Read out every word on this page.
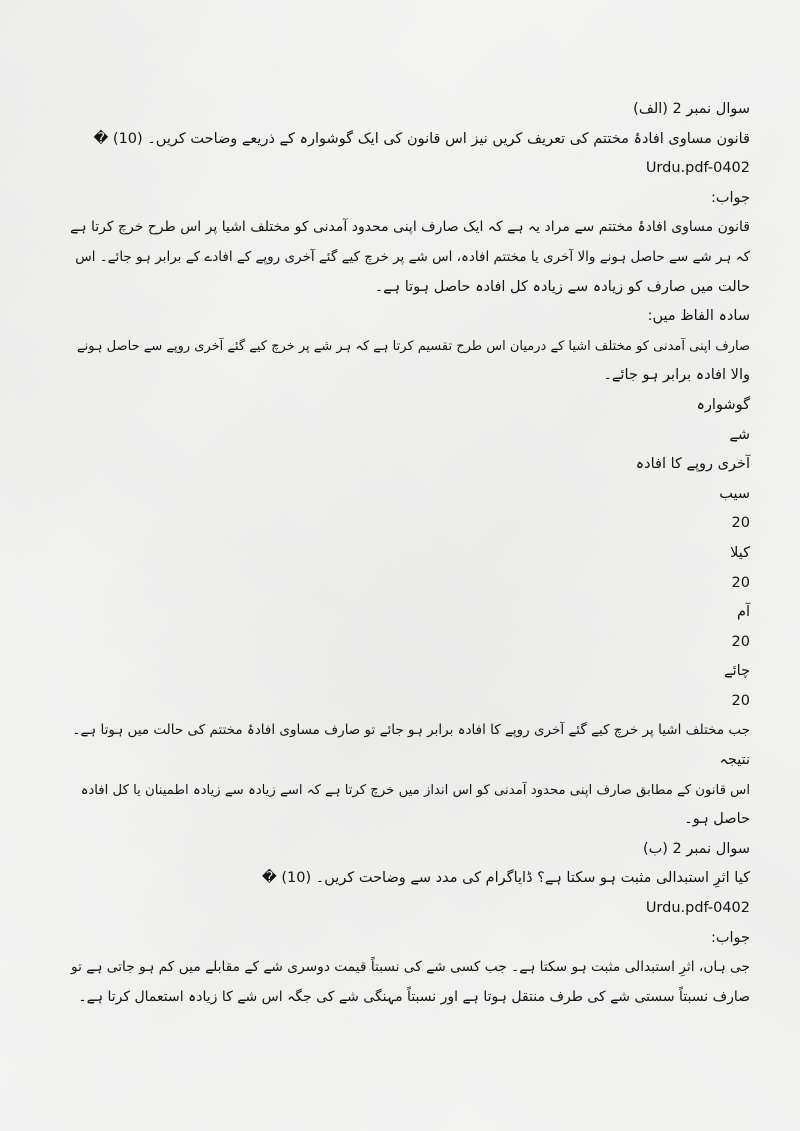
سوال نمبر 2 (الف)

قانون مساوی افادۂ مختتم کی تعریف کریں نیز اس قانون کی ایک گوشوارہ کے ذریعے وضاحت کریں۔ (10) �

Urdu.pdf-0402

جواب:

قانون مساوی افادۂ مختتم سے مراد یہ ہے کہ ایک صارف اپنی محدود آمدنی کو مختلف اشیا پر اس طرح خرچ کرتا ہے

کہ ہر شے سے حاصل ہونے والا آخری یا مختتم افادہ، اس شے پر خرچ کیے گئے آخری روپے کے افادے کے برابر ہو جائے۔ اس

حالت میں صارف کو زیادہ سے زیادہ کل افادہ حاصل ہوتا ہے۔

سادہ الفاظ میں:

صارف اپنی آمدنی کو مختلف اشیا کے درمیان اس طرح تقسیم کرتا ہے کہ ہر شے پر خرچ کیے گئے آخری روپے سے حاصل ہونے

والا افادہ برابر ہو جائے۔

گوشوارہ

شے

آخری روپے کا افادہ

سیب

20

کیلا

20

آم

20

چائے

20

جب مختلف اشیا پر خرچ کیے گئے آخری روپے کا افادہ برابر ہو جائے تو صارف مساوی افادۂ مختتم کی حالت میں ہوتا ہے۔

نتیجہ

اس قانون کے مطابق صارف اپنی محدود آمدنی کو اس انداز میں خرچ کرتا ہے کہ اسے زیادہ سے زیادہ اطمینان یا کل افادہ

حاصل ہو۔

سوال نمبر 2 (ب)

کیا اثرِ استبدالی مثبت ہو سکتا ہے؟ ڈایاگرام کی مدد سے وضاحت کریں۔ (10) �

Urdu.pdf-0402

جواب:

جی ہاں، اثرِ استبدالی مثبت ہو سکتا ہے۔ جب کسی شے کی نسبتاً قیمت دوسری شے کے مقابلے میں کم ہو جاتی ہے تو

صارف نسبتاً سستی شے کی طرف منتقل ہوتا ہے اور نسبتاً مہنگی شے کی جگہ اس شے کا زیادہ استعمال کرتا ہے۔
